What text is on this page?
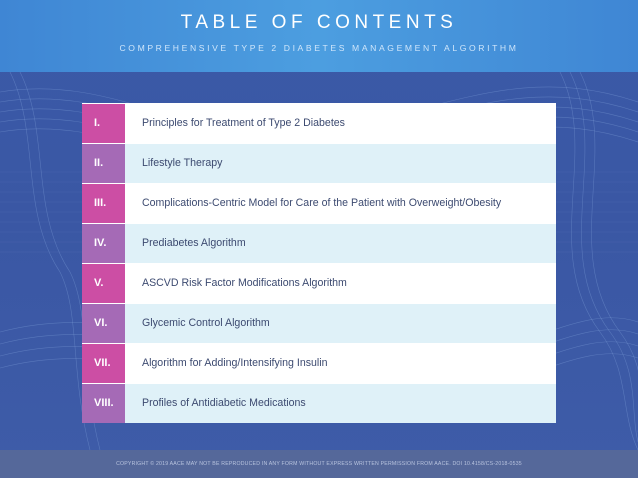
TABLE OF CONTENTS
COMPREHENSIVE TYPE 2 DIABETES MANAGEMENT ALGORITHM
I.	Principles for Treatment of Type 2 Diabetes
II.	Lifestyle Therapy
III.	Complications-Centric Model for Care of the Patient with Overweight/Obesity
IV.	Prediabetes Algorithm
V.	ASCVD Risk Factor Modifications Algorithm
VI.	Glycemic Control Algorithm
VII.	Algorithm for Adding/Intensifying Insulin
VIII.	Profiles of Antidiabetic Medications
COPYRIGHT © 2019 AACE MAY NOT BE REPRODUCED IN ANY FORM WITHOUT EXPRESS WRITTEN PERMISSION FROM AACE. DOI 10.4158/CS-2018-0535
